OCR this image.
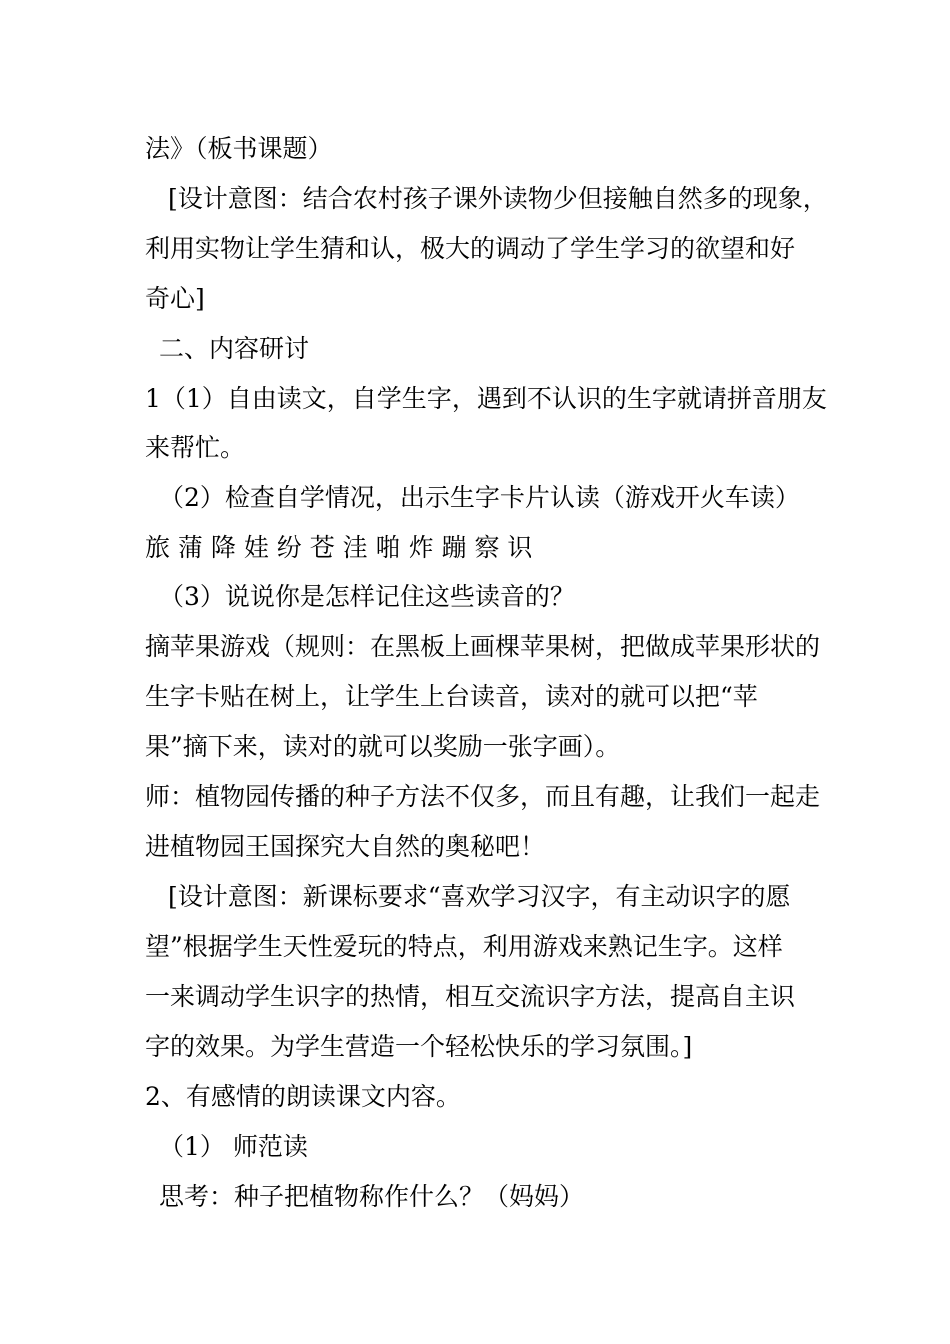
法》（板书课题）
[设计意图：结合农村孩子课外读物少但接触自然多的现象，
利用实物让学生猜和认，极大的调动了学生学习的欲望和好
奇心]
二、内容研讨
1（1）自由读文，自学生字，遇到不认识的生字就请拼音朋友
来帮忙。
（2）检查自学情况，出示生字卡片认读（游戏开火车读）
旅 蒲 降 娃 纷 苍 洼 啪 炸 蹦 察 识
（3）说说你是怎样记住这些读音的？
摘苹果游戏（规则：在黑板上画棵苹果树，把做成苹果形状的
生字卡贴在树上，让学生上台读音，读对的就可以把“苹
果”摘下来，读对的就可以奖励一张字画）。
师：植物园传播的种子方法不仅多，而且有趣，让我们一起走
进植物园王国探究大自然的奥秘吧！
[设计意图：新课标要求“喜欢学习汉字，有主动识字的愿
望”根据学生天性爱玩的特点，利用游戏来熟记生字。这样
一来调动学生识字的热情，相互交流识字方法，提高自主识
字的效果。为学生营造一个轻松快乐的学习氛围。]
2、有感情的朗读课文内容。
（1） 师范读
思考：种子把植物称作什么？（妈妈）
